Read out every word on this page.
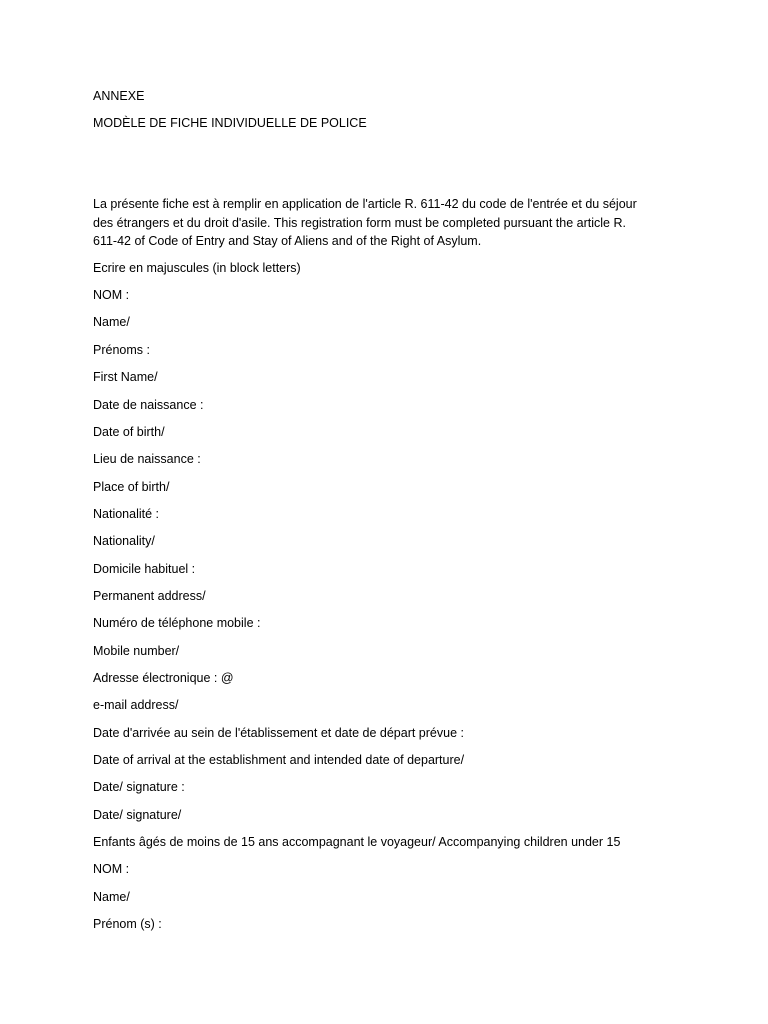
ANNEXE
MODÈLE DE FICHE INDIVIDUELLE DE POLICE
La présente fiche est à remplir en application de l'article R. 611-42 du code de l'entrée et du séjour
des étrangers et du droit d'asile. This registration form must be completed pursuant the article R.
611-42 of Code of Entry and Stay of Aliens and of the Right of Asylum.
Ecrire en majuscules (in block letters)
NOM :
Name/
Prénoms :
First Name/
Date de naissance :
Date of birth/
Lieu de naissance :
Place of birth/
Nationalité :
Nationality/
Domicile habituel :
Permanent address/
Numéro de téléphone mobile :
Mobile number/
Adresse électronique : @
e-mail address/
Date d'arrivée au sein de l'établissement et date de départ prévue :
Date of arrival at the establishment and intended date of departure/
Date/ signature :
Date/ signature/
Enfants âgés de moins de 15 ans accompagnant le voyageur/ Accompanying children under 15
NOM :
Name/
Prénom (s) :
